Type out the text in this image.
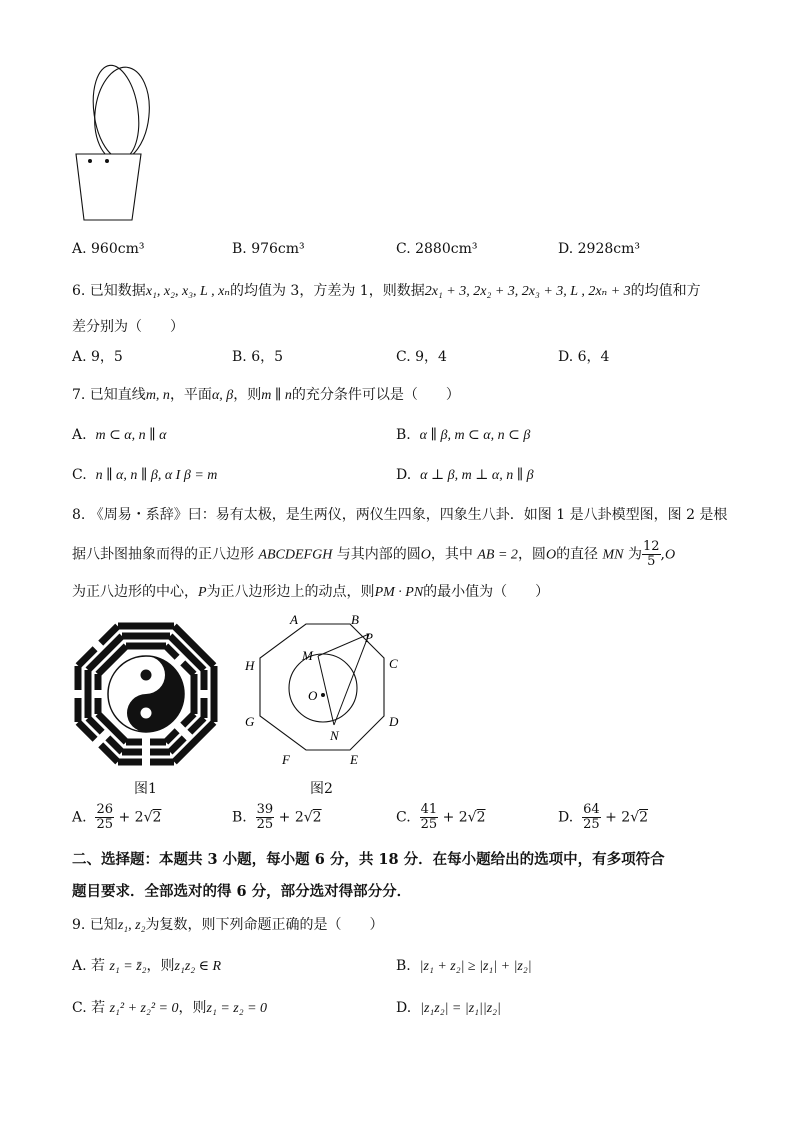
A. 960cm³	B. 976cm³	C. 2880cm³	D. 2928cm³
6. 已知数据x₁, x₂, x₃, L , xₙ的均值为 3，方差为 1，则数据2x₁ + 3, 2x₂ + 3, 2x₃ + 3, L , 2xₙ + 3的均值和方
差分别为（　　）
A. 9，5	B. 6，5	C. 9，4	D. 6，4
7. 已知直线m, n，平面α, β，则m ∥ n的充分条件可以是（　　）
A. m ⊂ α, n ∥ α	B. α ∥ β, m ⊂ α, n ⊂ β
C. n ∥ α, n ∥ β, α I β = m	D. α ⊥ β, m ⊥ α, n ∥ β
8. 《周易・系辞》曰：易有太极，是生两仪，两仪生四象，四象生八卦．如图 1 是八卦模型图，图 2 是根
据八卦图抽象而得的正八边形 ABCDEFGH 与其内部的圆O，其中 AB = 2，圆O的直径 MN 为 $\frac{12}{5} ,O$
为正八边形的中心，P为正八边形边上的动点，则PM · PN的最小值为（　　）
图1
A	B
C
D
E
F
G
H
M
N
O
P
图2
A. $\frac{26}{25} + 2√2$	B. $\frac{39}{25} + 2√2$	C. $\frac{41}{25} + 2√2$	D. $\frac{64}{25} + 2√2$
二、选择题：本题共 3 小题，每小题 6 分，共 18 分．在每小题给出的选项中，有多项符合
题目要求．全部选对的得 6 分，部分选对得部分分．
9. 已知z₁, z₂为复数，则下列命题正确的是（　　）
A. 若 z₁ = z̄₂，则z₁z₂ ∈ R	B. |z₁ + z₂| ≥ |z₁| + |z₂|
C. 若 z₁² + z₂² = 0，则z₁ = z₂ = 0	D. |z₁z₂| = |z₁||z₂|
